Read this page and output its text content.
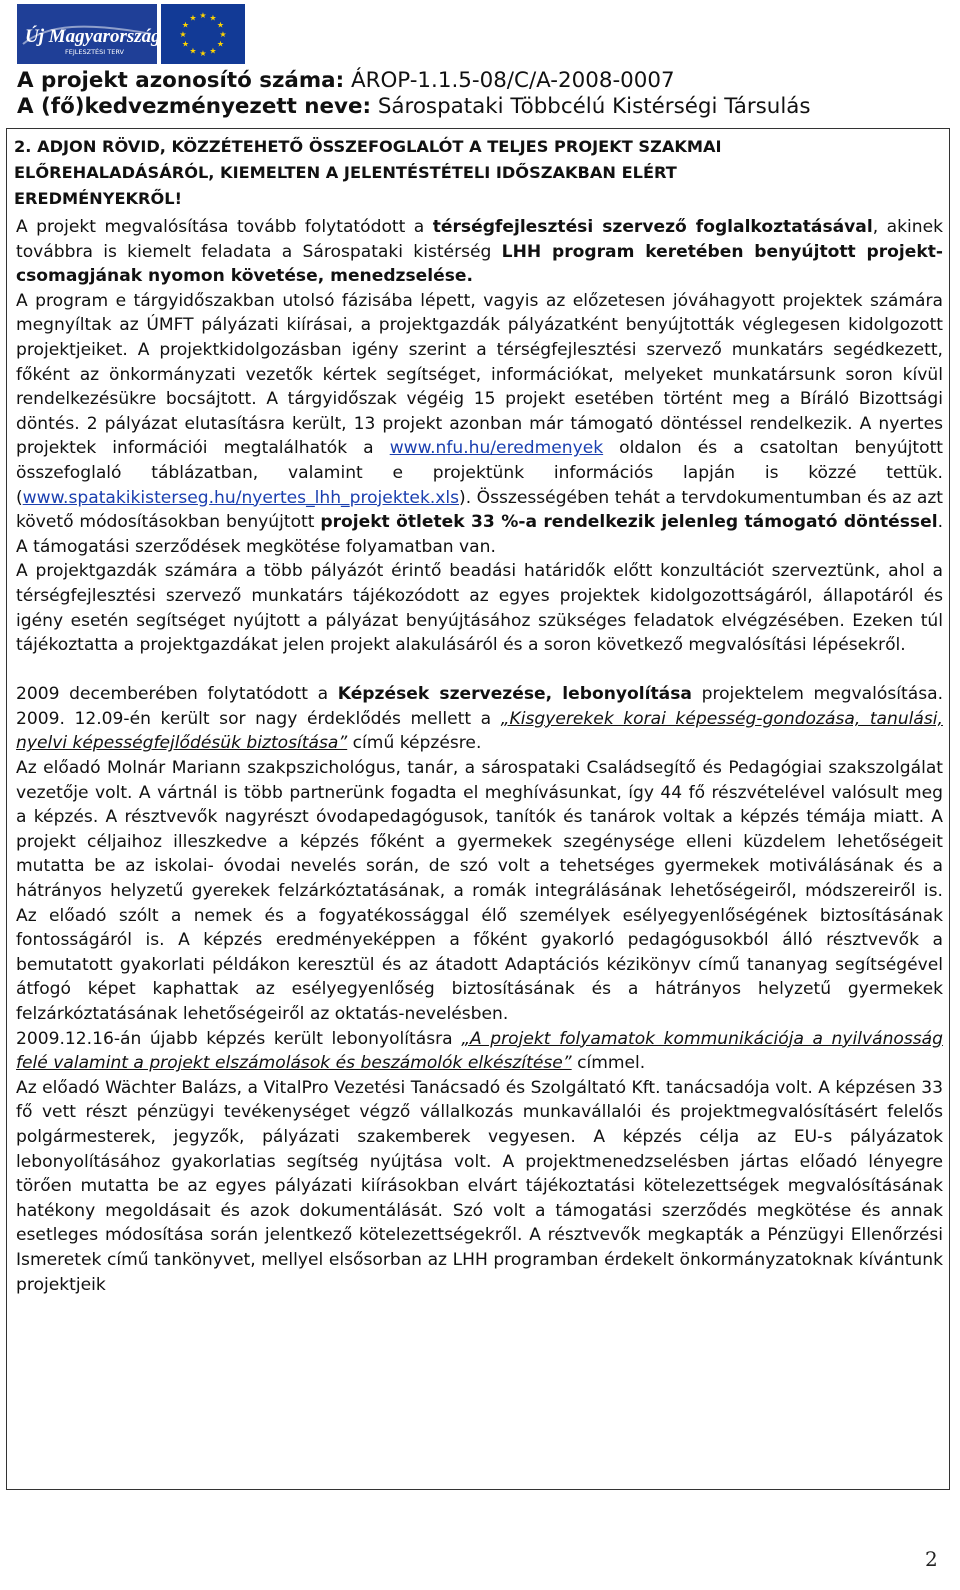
Új Magyarország
FEJLESZTÉSI TERV
★ ★
★
★
★
★
★
★
★
★
★
★
A projekt azonosító száma: ÁROP-1.1.5-08/C/A-2008-0007
A (fő)kedvezményezett neve: Sárospataki Többcélú Kistérségi Társulás
2. ADJON RÖVID, KÖZZÉTEHETŐ ÖSSZEFOGLALÓT A TELJES PROJEKT SZAKMAI
ELŐREHALADÁSÁRÓL, KIEMELTEN A JELENTÉSTÉTELI IDŐSZAKBAN ELÉRT
EREDMÉNYEKRŐL!

A projekt megvalósítása tovább folytatódott a térségfejlesztési szervező foglalkoztatásával, akinek továbbra is kiemelt feladata a Sárospataki kistérség LHH program keretében benyújtott projekt-csomagjának nyomon követése, menedzselése.

A program e tárgyidőszakban utolsó fázisába lépett, vagyis az előzetesen jóváhagyott projektek számára megnyíltak az ÚMFT pályázati kiírásai, a projektgazdák pályázatként benyújtották véglegesen kidolgozott projektjeiket. A projektkidolgozásban igény szerint a térségfejlesztési szervező munkatárs segédkezett, főként az önkormányzati vezetők kértek segítséget, információkat, melyeket munkatársunk soron kívül rendelkezésükre bocsájtott. A tárgyidőszak végéig 15 projekt esetében történt meg a Bíráló Bizottsági döntés. 2 pályázat elutasításra került, 13 projekt azonban már támogató döntéssel rendelkezik. A nyertes projektek információi megtalálhatók a www.nfu.hu/eredmenyek oldalon és a csatoltan benyújtott összefoglaló táblázatban, valamint e projektünk információs lapján is közzé tettük. (www.spatakikisterseg.hu/nyertes_lhh_projektek.xls). Összességében tehát a tervdokumentumban és az azt követő módosításokban benyújtott projekt ötletek 33 %-a rendelkezik jelenleg támogató döntéssel. A támogatási szerződések megkötése folyamatban van.

A projektgazdák számára a több pályázót érintő beadási határidők előtt konzultációt szerveztünk, ahol a térségfejlesztési szervező munkatárs tájékozódott az egyes projektek kidolgozottságáról, állapotáról és igény esetén segítséget nyújtott a pályázat benyújtásához szükséges feladatok elvégzésében. Ezeken túl tájékoztatta a projektgazdákat jelen projekt alakulásáról és a soron következő megvalósítási lépésekről.

2009 decemberében folytatódott a Képzések szervezése, lebonyolítása projektelem megvalósítása. 2009. 12.09-én került sor nagy érdeklődés mellett a „Kisgyerekek korai képesség-gondozása, tanulási, nyelvi képességfejlődésük biztosítása” című képzésre.

Az előadó Molnár Mariann szakpszichológus, tanár, a sárospataki Családsegítő és Pedagógiai szakszolgálat vezetője volt. A vártnál is több partnerünk fogadta el meghívásunkat, így 44 fő részvételével valósult meg a képzés. A résztvevők nagyrészt óvodapedagógusok, tanítók és tanárok voltak a képzés témája miatt. A projekt céljaihoz illeszkedve a képzés főként a gyermekek szegénysége elleni küzdelem lehetőségeit mutatta be az iskolai- óvodai nevelés során, de szó volt a tehetséges gyermekek motiválásának és a hátrányos helyzetű gyerekek felzárkóztatásának, a romák integrálásának lehetőségeiről, módszereiről is. Az előadó szólt a nemek és a fogyatékossággal élő személyek esélyegyenlőségének biztosításának fontosságáról is. A képzés eredményeképpen a főként gyakorló pedagógusokból álló résztvevők a bemutatott gyakorlati példákon keresztül és az átadott Adaptációs kézikönyv című tananyag segítségével átfogó képet kaphattak az esélyegyenlőség biztosításának és a hátrányos helyzetű gyermekek felzárkóztatásának lehetőségeiről az oktatás-nevelésben.

2009.12.16-án újabb képzés került lebonyolításra „A projekt folyamatok kommunikációja a nyilvánosság felé valamint a projekt elszámolások és beszámolók elkészítése” címmel.

Az előadó Wächter Balázs, a VitalPro Vezetési Tanácsadó és Szolgáltató Kft. tanácsadója volt. A képzésen 33 fő vett részt pénzügyi tevékenységet végző vállalkozás munkavállalói és projektmegvalósításért felelős polgármesterek, jegyzők, pályázati szakemberek vegyesen. A képzés célja az EU-s pályázatok lebonyolításához gyakorlatias segítség nyújtása volt. A projektmenedzselésben jártas előadó lényegre törően mutatta be az egyes pályázati kiírásokban elvárt tájékoztatási kötelezettségek megvalósításának hatékony megoldásait és azok dokumentálását. Szó volt a támogatási szerződés megkötése és annak esetleges módosítása során jelentkező kötelezettségekről. A résztvevők megkapták a Pénzügyi Ellenőrzési Ismeretek című tankönyvet, mellyel elsősorban az LHH programban érdekelt önkormányzatoknak kívántunk projektjeik

2
